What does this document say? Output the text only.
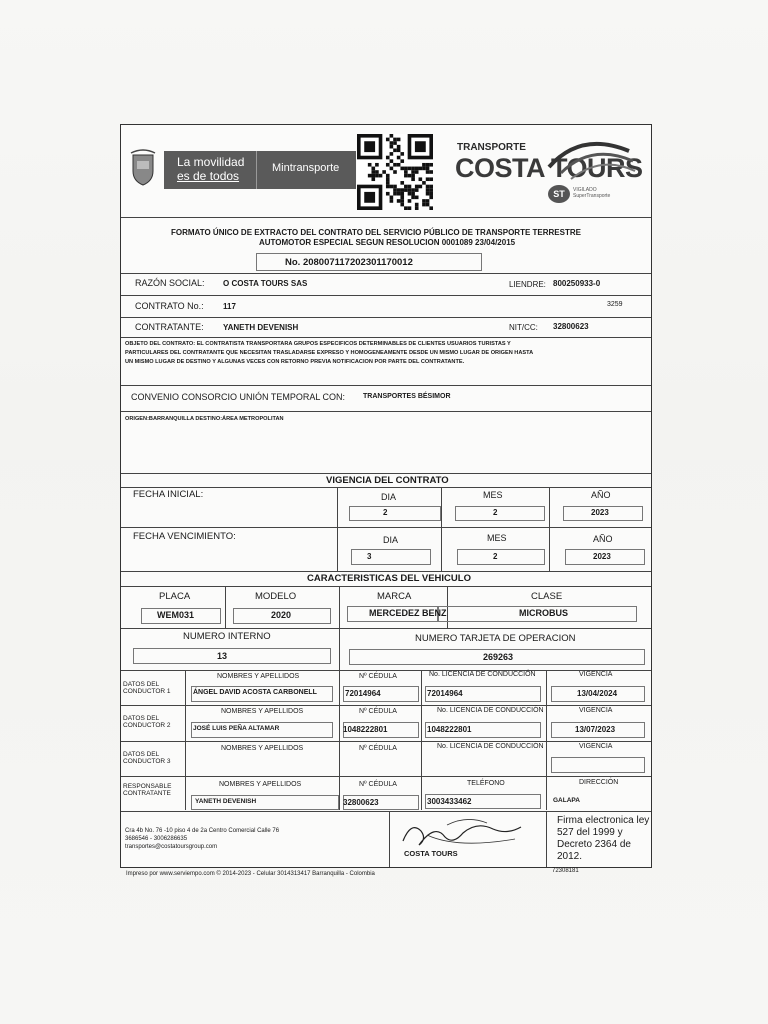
La movilidad
es de todos
Mintransporte
TRANSPORTE
COSTA TOURS
ST	VIGILADO
SuperTransporte
FORMATO ÚNICO DE EXTRACTO DEL CONTRATO DEL SERVICIO PÚBLICO DE TRANSPORTE TERRESTRE
AUTOMOTOR ESPECIAL SEGUN RESOLUCION 0001089 23/04/2015
No. 208007117202301170012
RAZÓN SOCIAL: O COSTA TOURS SAS	LIENDRE: 800250933-0
CONTRATO No.: 117	3259
CONTRATANTE: YANETH DEVENISH	NIT/CC: 32800623
OBJETO DEL CONTRATO: EL CONTRATISTA TRANSPORTARA GRUPOS ESPECIFICOS DETERMINABLES DE CLIENTES USUARIOS TURISTAS Y
PARTICULARES DEL CONTRATANTE QUE NECESITAN TRASLADARSE EXPRESO Y HOMOGENEAMENTE DESDE UN MISMO LUGAR DE ORIGEN HASTA
UN MISMO LUGAR DE DESTINO Y ALGUNAS VECES CON RETORNO PREVIA NOTIFICACION POR PARTE DEL CONTRATANTE.
CONVENIO CONSORCIO UNIÓN TEMPORAL CON:	TRANSPORTES BÉSIMOR
ORIGEN:BARRANQUILLA DESTINO:ÁREA METROPOLITAN
VIGENCIA DEL CONTRATO
FECHA INICIAL:	DIA	MES	AÑO
2	2	2023
FECHA VENCIMIENTO:	DIA	MES	AÑO
3	2	2023
CARACTERISTICAS DEL VEHICULO
PLACA	MODELO	MARCA	CLASE
WEM031	2020	MERCEDEZ BENZ	MICROBUS
NUMERO INTERNO	NUMERO TARJETA DE OPERACION
13	269263
NOMBRES Y APELLIDOS	Nº CÉDULA	No. LICENCIA DE CONDUCCIÓN	VIGENCIA
DATOS DEL CONDUCTOR 1	ÁNGEL DAVID ACOSTA CARBONELL	72014964	72014964	13/04/2024
NOMBRES Y APELLIDOS	Nº CÉDULA	No. LICENCIA DE CONDUCCIÓN	VIGENCIA
DATOS DEL CONDUCTOR 2	JOSÉ LUIS PEÑA ALTAMAR	1048222801	1048222801	13/07/2023
NOMBRES Y APELLIDOS	Nº CÉDULA	No. LICENCIA DE CONDUCCIÓN	VIGENCIA
DATOS DEL CONDUCTOR 3
NOMBRES Y APELLIDOS	Nº CÉDULA	TELÉFONO	DIRECCIÓN
RESPONSABLE CONTRATANTE
YANETH DEVENISH	32800623	3003433462	GALAPA
Cra 4b No. 76 -10 piso 4 de 2a Centro Comercial Calle 76
3686546 - 3006286635
transportes@costatoursgroup.com
COSTA TOURS
Firma electronica ley
527 del 1999 y
Decreto 2364 de
2012.
Impreso por www.serviempo.com © 2014-2023 - Celular 3014313417 Barranquilla - Colombia	72308181
